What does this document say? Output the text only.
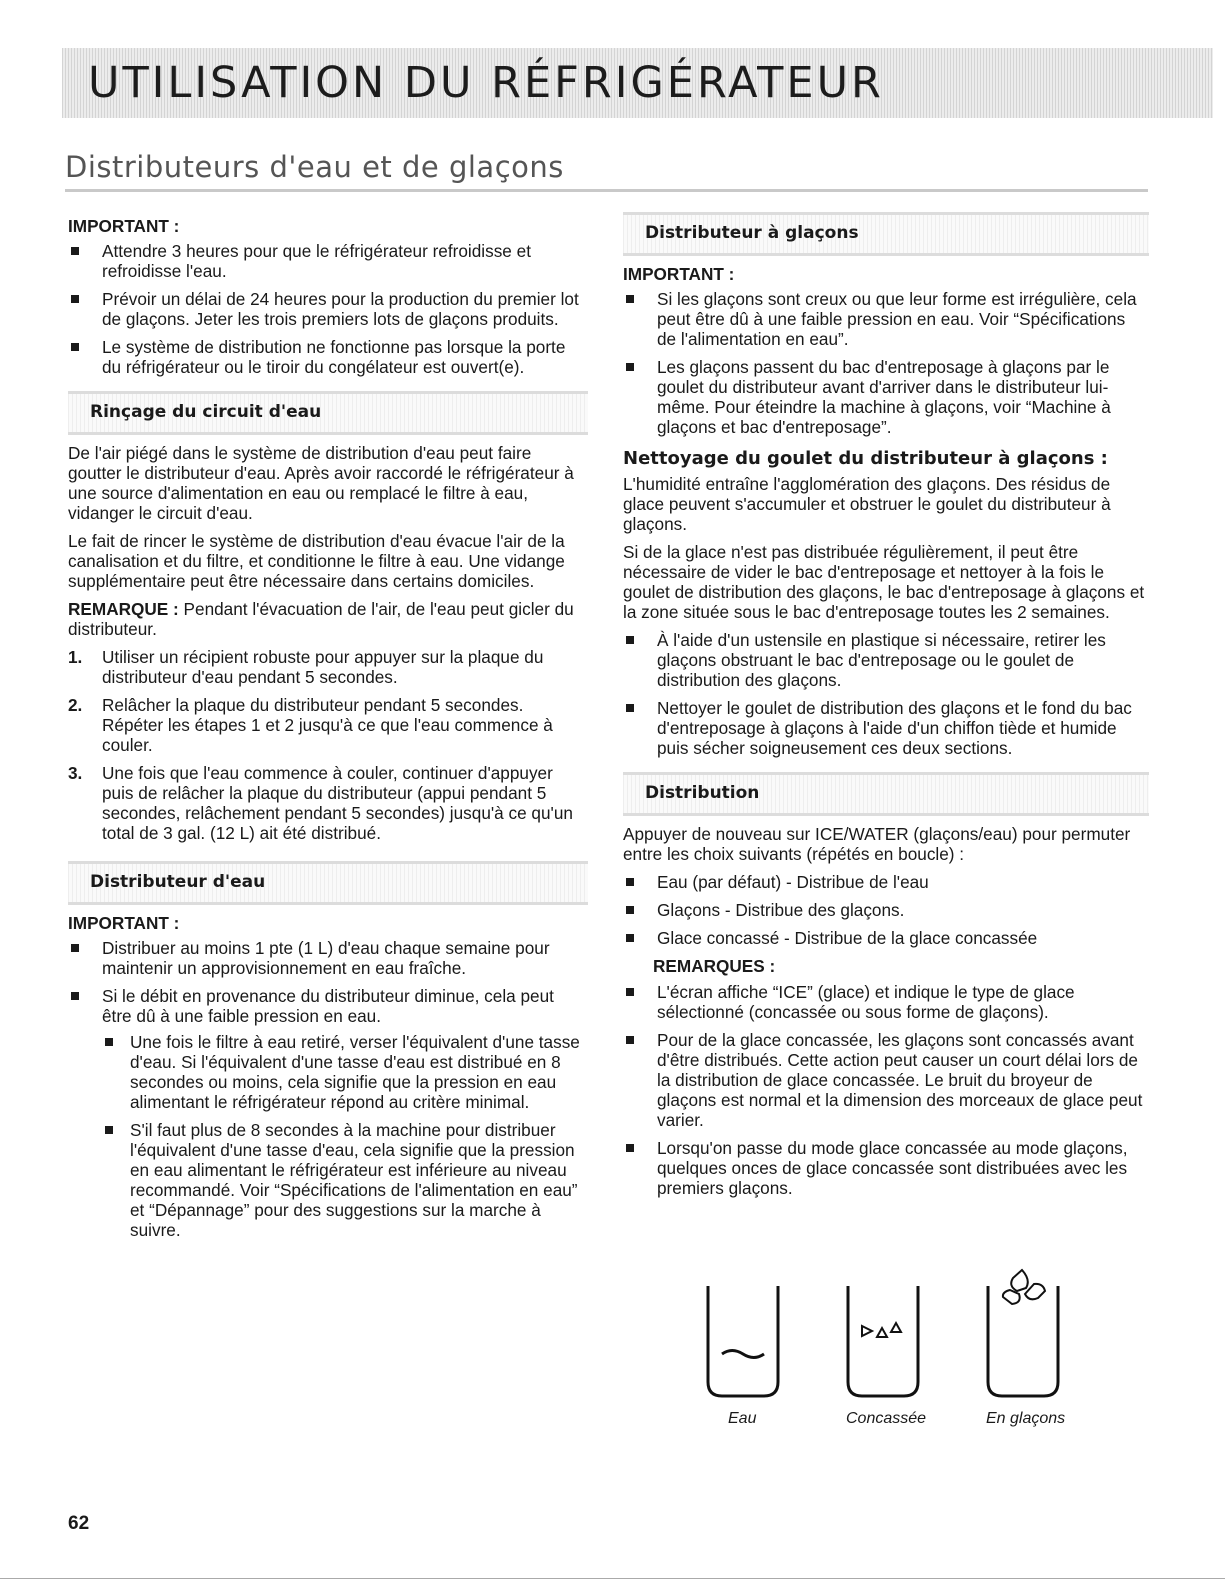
UTILISATION DU RÉFRIGÉRATEUR
Distributeurs d'eau et de glaçons
IMPORTANT :
Attendre 3 heures pour que le réfrigérateur refroidisse et refroidisse l'eau.
Prévoir un délai de 24 heures pour la production du premier lot de glaçons. Jeter les trois premiers lots de glaçons produits.
Le système de distribution ne fonctionne pas lorsque la porte du réfrigérateur ou le tiroir du congélateur est ouvert(e).
Rinçage du circuit d'eau

De l'air piégé dans le système de distribution d'eau peut faire goutter le distributeur d'eau. Après avoir raccordé le réfrigérateur à une source d'alimentation en eau ou remplacé le filtre à eau, vidanger le circuit d'eau.

Le fait de rincer le système de distribution d'eau évacue l'air de la canalisation et du filtre, et conditionne le filtre à eau. Une vidange supplémentaire peut être nécessaire dans certains domiciles.

REMARQUE : Pendant l'évacuation de l'air, de l'eau peut gicler du distributeur.

1. Utiliser un récipient robuste pour appuyer sur la plaque du distributeur d'eau pendant 5 secondes.
2. Relâcher la plaque du distributeur pendant 5 secondes. Répéter les étapes 1 et 2 jusqu'à ce que l'eau commence à couler.
3. Une fois que l'eau commence à couler, continuer d'appuyer puis de relâcher la plaque du distributeur (appui pendant 5 secondes, relâchement pendant 5 secondes) jusqu'à ce qu'un total de 3 gal. (12 L) ait été distribué.
Distributeur d'eau
IMPORTANT :
Distribuer au moins 1 pte (1 L) d'eau chaque semaine pour maintenir un approvisionnement en eau fraîche.
Si le débit en provenance du distributeur diminue, cela peut être dû à une faible pression en eau.
Une fois le filtre à eau retiré, verser l'équivalent d'une tasse d'eau. Si l'équivalent d'une tasse d'eau est distribué en 8 secondes ou moins, cela signifie que la pression en eau alimentant le réfrigérateur répond au critère minimal.
S'il faut plus de 8 secondes à la machine pour distribuer l'équivalent d'une tasse d'eau, cela signifie que la pression en eau alimentant le réfrigérateur est inférieure au niveau recommandé. Voir “Spécifications de l'alimentation en eau” et “Dépannage” pour des suggestions sur la marche à suivre.
Distributeur à glaçons
IMPORTANT :
Si les glaçons sont creux ou que leur forme est irrégulière, cela peut être dû à une faible pression en eau. Voir “Spécifications de l'alimentation en eau”.
Les glaçons passent du bac d'entreposage à glaçons par le goulet du distributeur avant d'arriver dans le distributeur lui-même. Pour éteindre la machine à glaçons, voir “Machine à glaçons et bac d'entreposage”.
Nettoyage du goulet du distributeur à glaçons :

L'humidité entraîne l'agglomération des glaçons. Des résidus de glace peuvent s'accumuler et obstruer le goulet du distributeur à glaçons.

Si de la glace n'est pas distribuée régulièrement, il peut être nécessaire de vider le bac d'entreposage et nettoyer à la fois le goulet de distribution des glaçons, le bac d'entreposage à glaçons et la zone située sous le bac d'entreposage toutes les 2 semaines.

À l'aide d'un ustensile en plastique si nécessaire, retirer les glaçons obstruant le bac d'entreposage ou le goulet de distribution des glaçons.
Nettoyer le goulet de distribution des glaçons et le fond du bac d'entreposage à glaçons à l'aide d'un chiffon tiède et humide puis sécher soigneusement ces deux sections.
Distribution

Appuyer de nouveau sur ICE/WATER (glaçons/eau) pour permuter entre les choix suivants (répétés en boucle) :

Eau (par défaut) - Distribue de l'eau
Glaçons - Distribue des glaçons.
Glace concassé - Distribue de la glace concassée
REMARQUES :
L'écran affiche “ICE” (glace) et indique le type de glace sélectionné (concassée ou sous forme de glaçons).
Pour de la glace concassée, les glaçons sont concassés avant d'être distribués. Cette action peut causer un court délai lors de la distribution de glace concassée. Le bruit du broyeur de glaçons est normal et la dimension des morceaux de glace peut varier.
Lorsqu'on passe du mode glace concassée au mode glaçons, quelques onces de glace concassée sont distribuées avec les premiers glaçons.
Eau	Concassée	En glaçons
62
